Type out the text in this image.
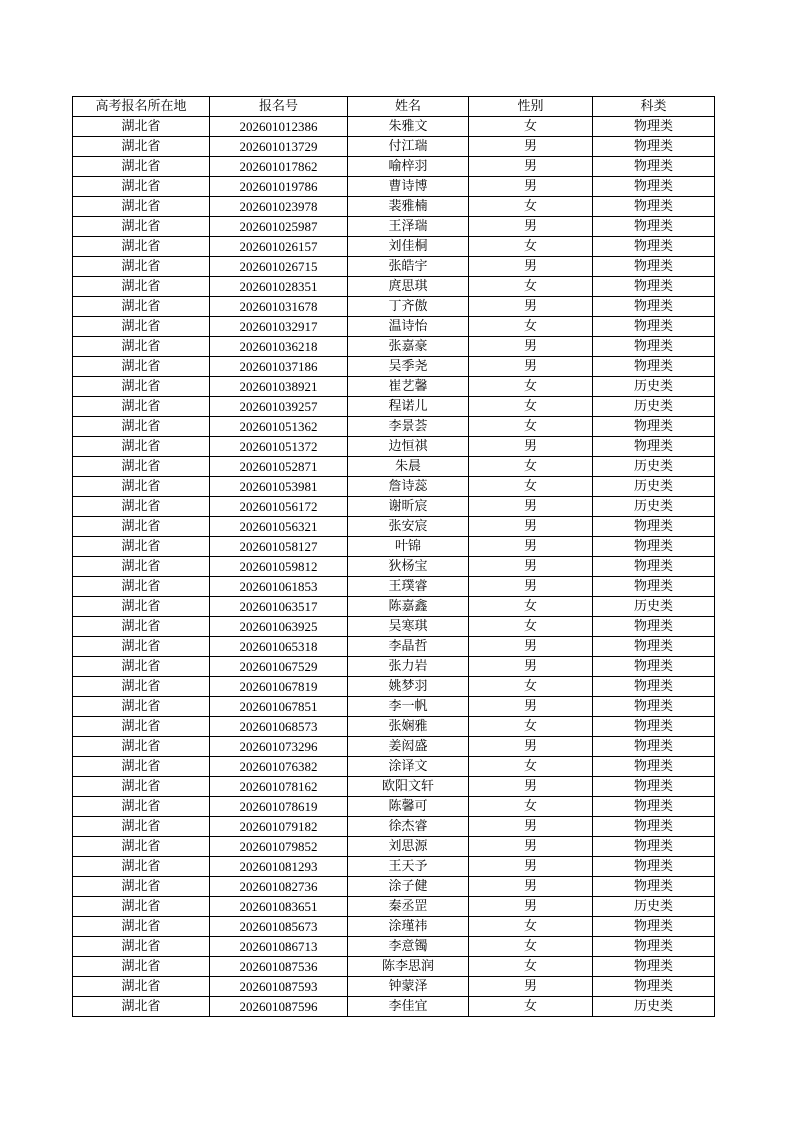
高考报名所在地	报名号	姓名	性别	科类
湖北省	202601012386	朱雅文	女	物理类
湖北省	202601013729	付江瑞	男	物理类
湖北省	202601017862	喻梓羽	男	物理类
湖北省	202601019786	曹诗博	男	物理类
湖北省	202601023978	裴雅楠	女	物理类
湖北省	202601025987	王泽瑞	男	物理类
湖北省	202601026157	刘佳桐	女	物理类
湖北省	202601026715	张皓宇	男	物理类
湖北省	202601028351	庹思琪	女	物理类
湖北省	202601031678	丁齐傲	男	物理类
湖北省	202601032917	温诗怡	女	物理类
湖北省	202601036218	张嘉豪	男	物理类
湖北省	202601037186	吴季尧	男	物理类
湖北省	202601038921	崔艺馨	女	历史类
湖北省	202601039257	程诺儿	女	历史类
湖北省	202601051362	李景荟	女	物理类
湖北省	202601051372	边恒祺	男	物理类
湖北省	202601052871	朱晨	女	历史类
湖北省	202601053981	詹诗蕊	女	历史类
湖北省	202601056172	谢昕宸	男	历史类
湖北省	202601056321	张安宸	男	物理类
湖北省	202601058127	叶锦	男	物理类
湖北省	202601059812	狄杨宝	男	物理类
湖北省	202601061853	王璞睿	男	物理类
湖北省	202601063517	陈嘉鑫	女	历史类
湖北省	202601063925	吴寒琪	女	物理类
湖北省	202601065318	李晶哲	男	物理类
湖北省	202601067529	张力岩	男	物理类
湖北省	202601067819	姚梦羽	女	物理类
湖北省	202601067851	李一帆	男	物理类
湖北省	202601068573	张娴雅	女	物理类
湖北省	202601073296	姜闳盛	男	物理类
湖北省	202601076382	涂译文	女	物理类
湖北省	202601078162	欧阳文轩	男	物理类
湖北省	202601078619	陈馨可	女	物理类
湖北省	202601079182	徐杰睿	男	物理类
湖北省	202601079852	刘思源	男	物理类
湖北省	202601081293	王天予	男	物理类
湖北省	202601082736	涂子健	男	物理类
湖北省	202601083651	秦丞罡	男	历史类
湖北省	202601085673	涂瑾祎	女	物理类
湖北省	202601086713	李意镯	女	物理类
湖北省	202601087536	陈李思润	女	物理类
湖北省	202601087593	钟蒙泽	男	物理类
湖北省	202601087596	李佳宜	女	历史类
